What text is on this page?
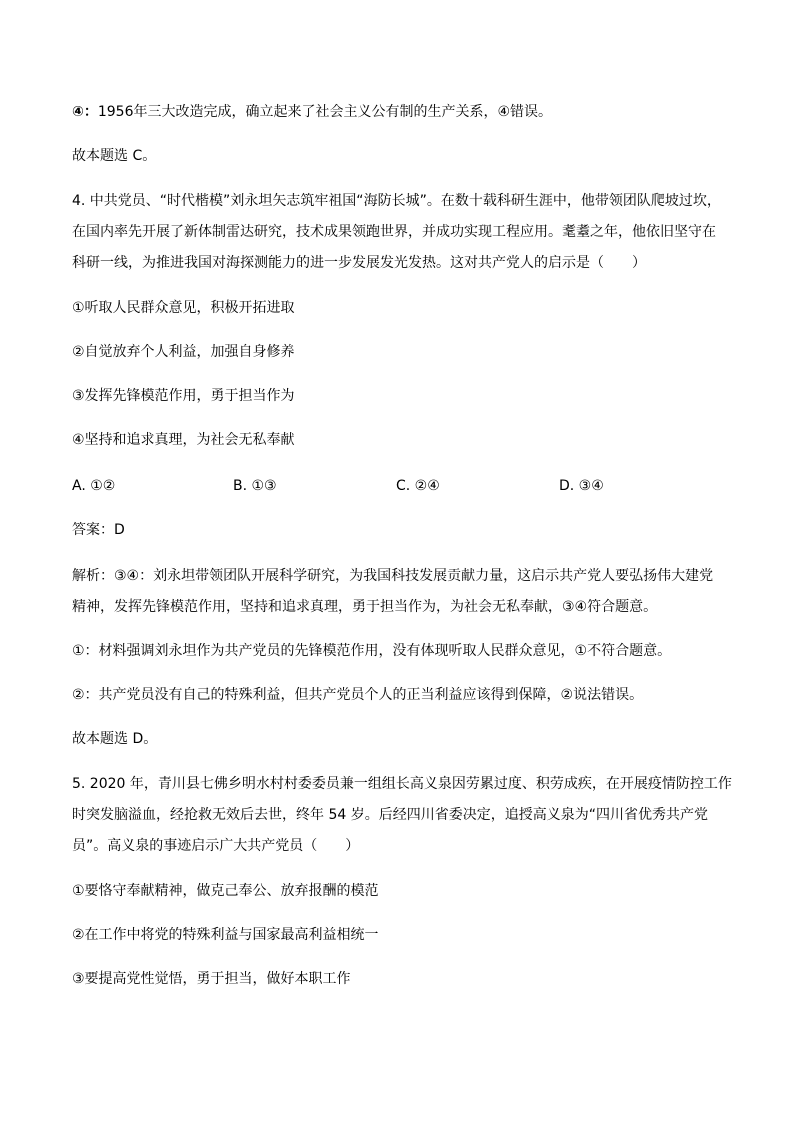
④：1956年三大改造完成，确立起来了社会主义公有制的生产关系，④错误。
故本题选 C。
4. 中共党员、“时代楷模”刘永坦矢志筑牢祖国“海防长城”。在数十载科研生涯中，他带领团队爬坡过坎，
在国内率先开展了新体制雷达研究，技术成果领跑世界，并成功实现工程应用。耄耋之年，他依旧坚守在
科研一线，为推进我国对海探测能力的进一步发展发光发热。这对共产党人的启示是（　　）
①听取人民群众意见，积极开拓进取
②自觉放弃个人利益，加强自身修养
③发挥先锋模范作用，勇于担当作为
④坚持和追求真理，为社会无私奉献
A. ①②	B. ①③	C. ②④	D. ③④
答案：D
解析：③④：刘永坦带领团队开展科学研究，为我国科技发展贡献力量，这启示共产党人要弘扬伟大建党
精神，发挥先锋模范作用，坚持和追求真理，勇于担当作为，为社会无私奉献，③④符合题意。
①：材料强调刘永坦作为共产党员的先锋模范作用，没有体现听取人民群众意见，①不符合题意。
②：共产党员没有自己的特殊利益，但共产党员个人的正当利益应该得到保障，②说法错误。
故本题选 D。
5. 2020 年，青川县七佛乡明水村村委委员兼一组组长高义泉因劳累过度、积劳成疾，在开展疫情防控工作
时突发脑溢血，经抢救无效后去世，终年 54 岁。后经四川省委决定，追授高义泉为“四川省优秀共产党
员”。高义泉的事迹启示广大共产党员（　　）
①要恪守奉献精神，做克己奉公、放弃报酬的模范
②在工作中将党的特殊利益与国家最高利益相统一
③要提高党性觉悟，勇于担当，做好本职工作
